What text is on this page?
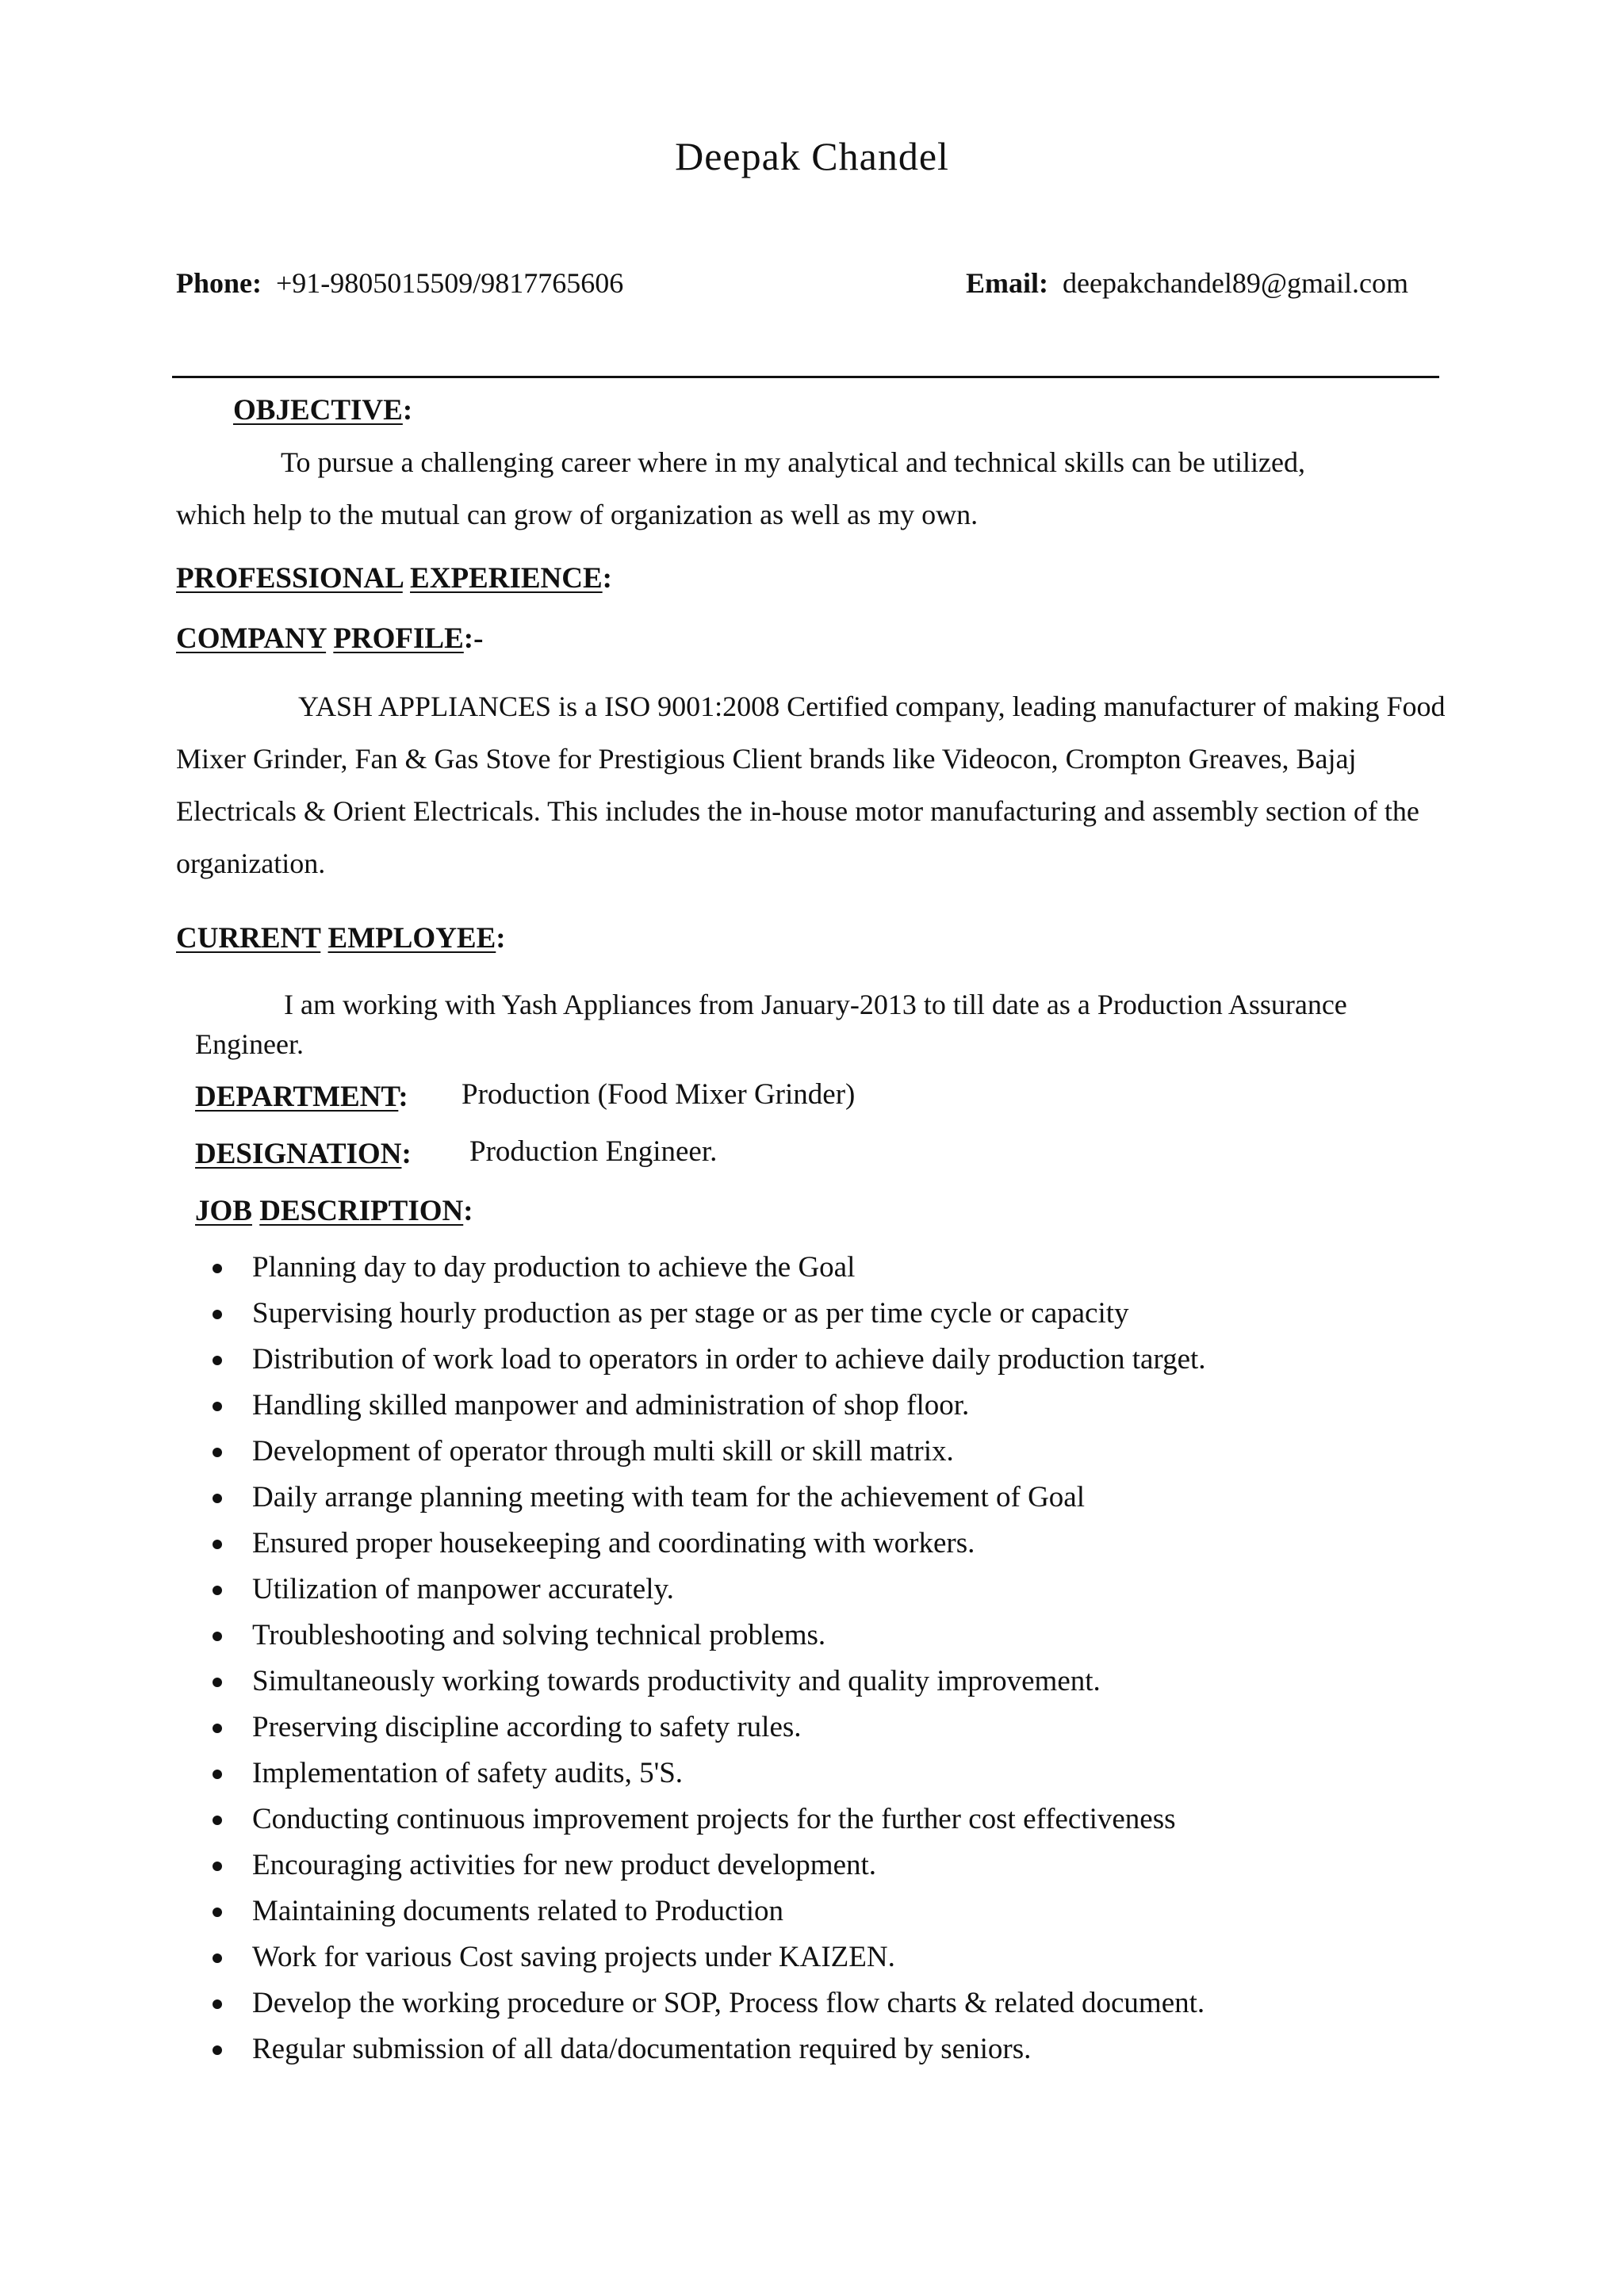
Deepak Chandel
Phone: +91-9805015509/9817765606	Email: deepakchandel89@gmail.com
OBJECTIVE:
To pursue a challenging career where in my analytical and technical skills can be utilized,
which help to the mutual can grow of organization as well as my own.
PROFESSIONAL EXPERIENCE:
COMPANY PROFILE:-
YASH APPLIANCES is a ISO 9001:2008 Certified company, leading manufacturer of making Food
Mixer Grinder, Fan & Gas Stove for Prestigious Client brands like Videocon, Crompton Greaves, Bajaj
Electricals & Orient Electricals. This includes the in-house motor manufacturing and assembly section of the
organization.
CURRENT EMPLOYEE:
I am working with Yash Appliances from January-2013 to till date as a Production Assurance
Engineer.
DEPARTMENT: Production (Food Mixer Grinder)
DESIGNATION: Production Engineer.
JOB DESCRIPTION:
Planning day to day production to achieve the Goal
Supervising hourly production as per stage or as per time cycle or capacity
Distribution of work load to operators in order to achieve daily production target.
Handling skilled manpower and administration of shop floor.
Development of operator through multi skill or skill matrix.
Daily arrange planning meeting with team for the achievement of Goal
Ensured proper housekeeping and coordinating with workers.
Utilization of manpower accurately.
Troubleshooting and solving technical problems.
Simultaneously working towards productivity and quality improvement.
Preserving discipline according to safety rules.
Implementation of safety audits, 5'S.
Conducting continuous improvement projects for the further cost effectiveness
Encouraging activities for new product development.
Maintaining documents related to Production
Work for various Cost saving projects under KAIZEN.
Develop the working procedure or SOP, Process flow charts & related document.
Regular submission of all data/documentation required by seniors.
